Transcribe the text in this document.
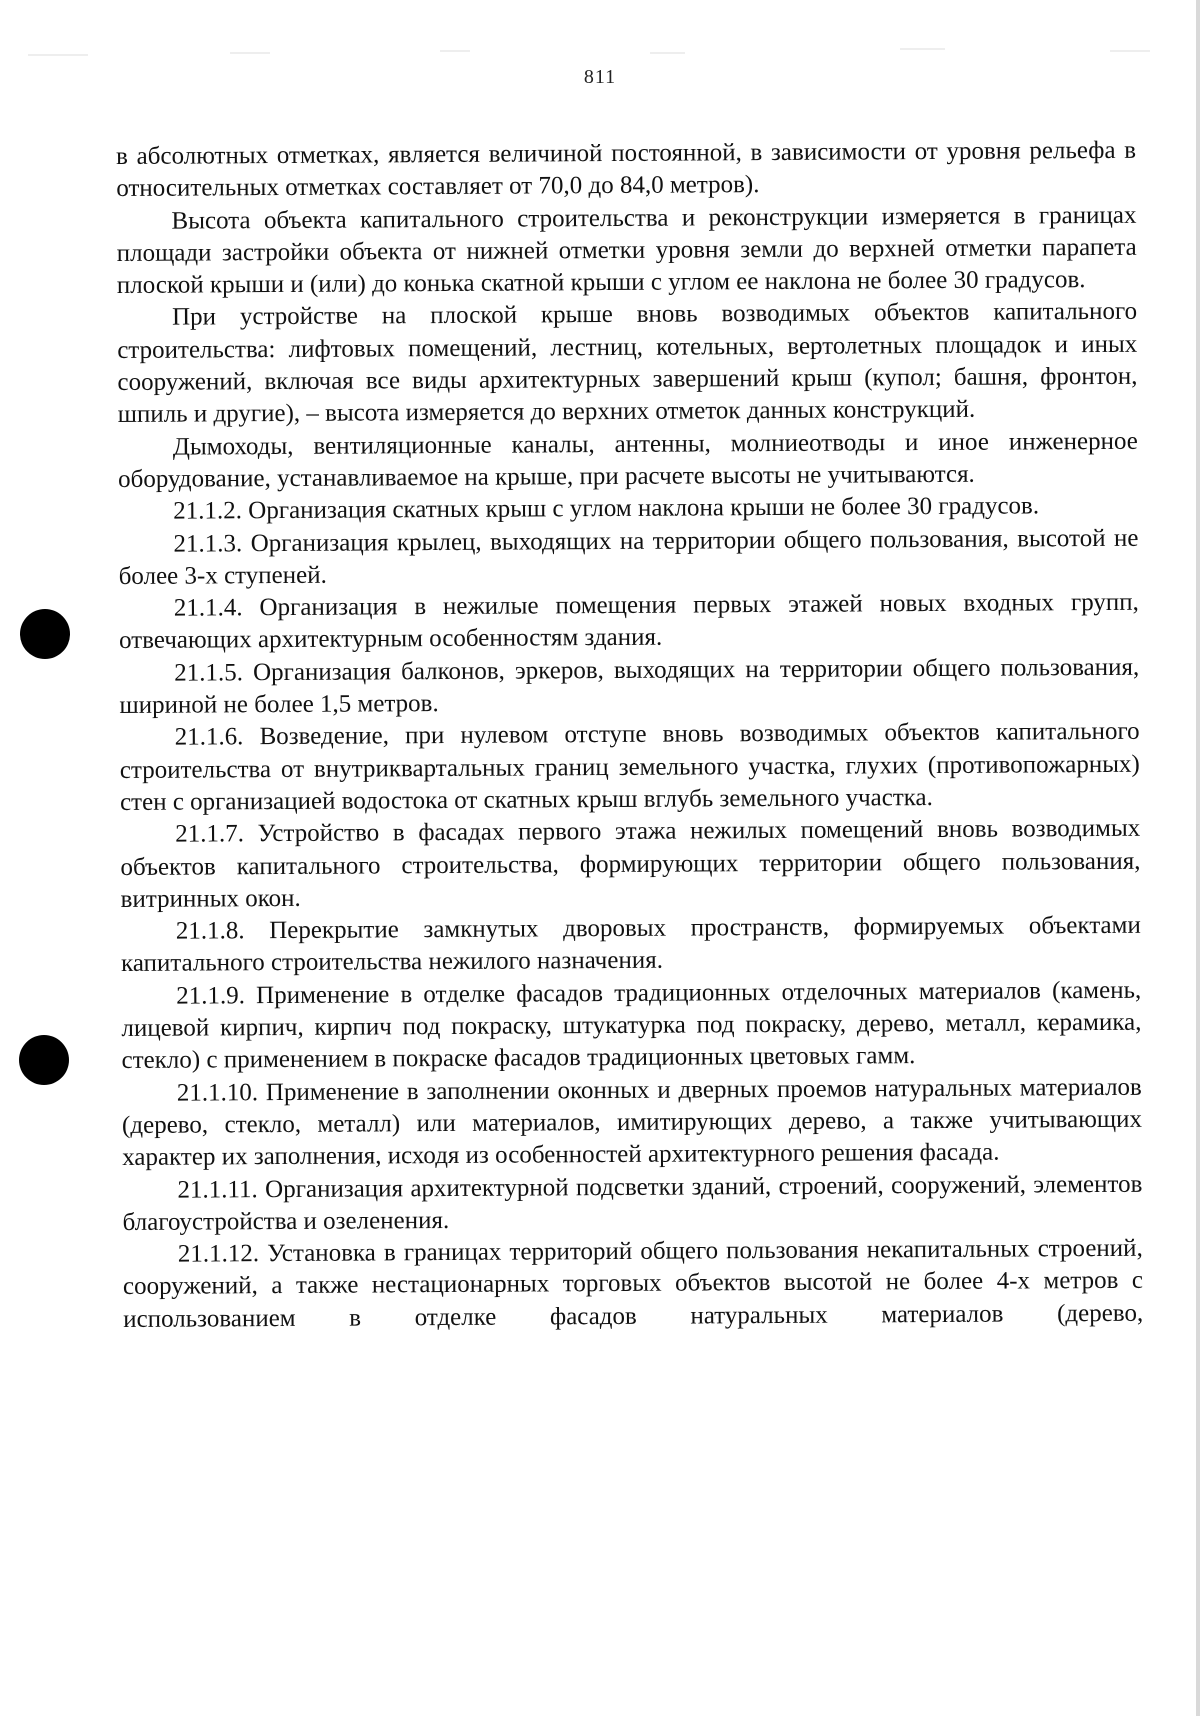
811

в абсолютных отметках, является величиной постоянной, в зависимости от уровня рельефа в относительных отметках составляет от 70,0 до 84,0 метров).

Высота объекта капитального строительства и реконструкции измеряется в границах площади застройки объекта от нижней отметки уровня земли до верхней отметки парапета плоской крыши и (или) до конька скатной крыши с углом ее наклона не более 30 градусов.

При устройстве на плоской крыше вновь возводимых объектов капитального строительства: лифтовых помещений, лестниц, котельных, вертолетных площадок и иных сооружений, включая все виды архитектурных завершений крыш (купол; башня, фронтон, шпиль и другие), – высота измеряется до верхних отметок данных конструкций.

Дымоходы, вентиляционные каналы, антенны, молниеотводы и иное инженерное оборудование, устанавливаемое на крыше, при расчете высоты не учитываются.

21.1.2. Организация скатных крыш с углом наклона крыши не более 30 градусов.

21.1.3. Организация крылец, выходящих на территории общего пользования, высотой не более 3-х ступеней.

21.1.4. Организация в нежилые помещения первых этажей новых входных групп, отвечающих архитектурным особенностям здания.

21.1.5. Организация балконов, эркеров, выходящих на территории общего пользования, шириной не более 1,5 метров.

21.1.6. Возведение, при нулевом отступе вновь возводимых объектов капитального строительства от внутриквартальных границ земельного участка, глухих (противопожарных) стен с организацией водостока от скатных крыш вглубь земельного участка.

21.1.7. Устройство в фасадах первого этажа нежилых помещений вновь возводимых объектов капитального строительства, формирующих территории общего пользования, витринных окон.

21.1.8. Перекрытие замкнутых дворовых пространств, формируемых объектами капитального строительства нежилого назначения.

21.1.9. Применение в отделке фасадов традиционных отделочных материалов (камень, лицевой кирпич, кирпич под покраску, штукатурка под покраску, дерево, металл, керамика, стекло) с применением в покраске фасадов традиционных цветовых гамм.

21.1.10. Применение в заполнении оконных и дверных проемов натуральных материалов (дерево, стекло, металл) или материалов, имитирующих дерево, а также учитывающих характер их заполнения, исходя из особенностей архитектурного решения фасада.

21.1.11. Организация архитектурной подсветки зданий, строений, сооружений, элементов благоустройства и озеленения.

21.1.12. Установка в границах территорий общего пользования некапитальных строений, сооружений, а также нестационарных торговых объектов высотой не более 4-х метров с использованием в отделке фасадов натуральных материалов (дерево,
